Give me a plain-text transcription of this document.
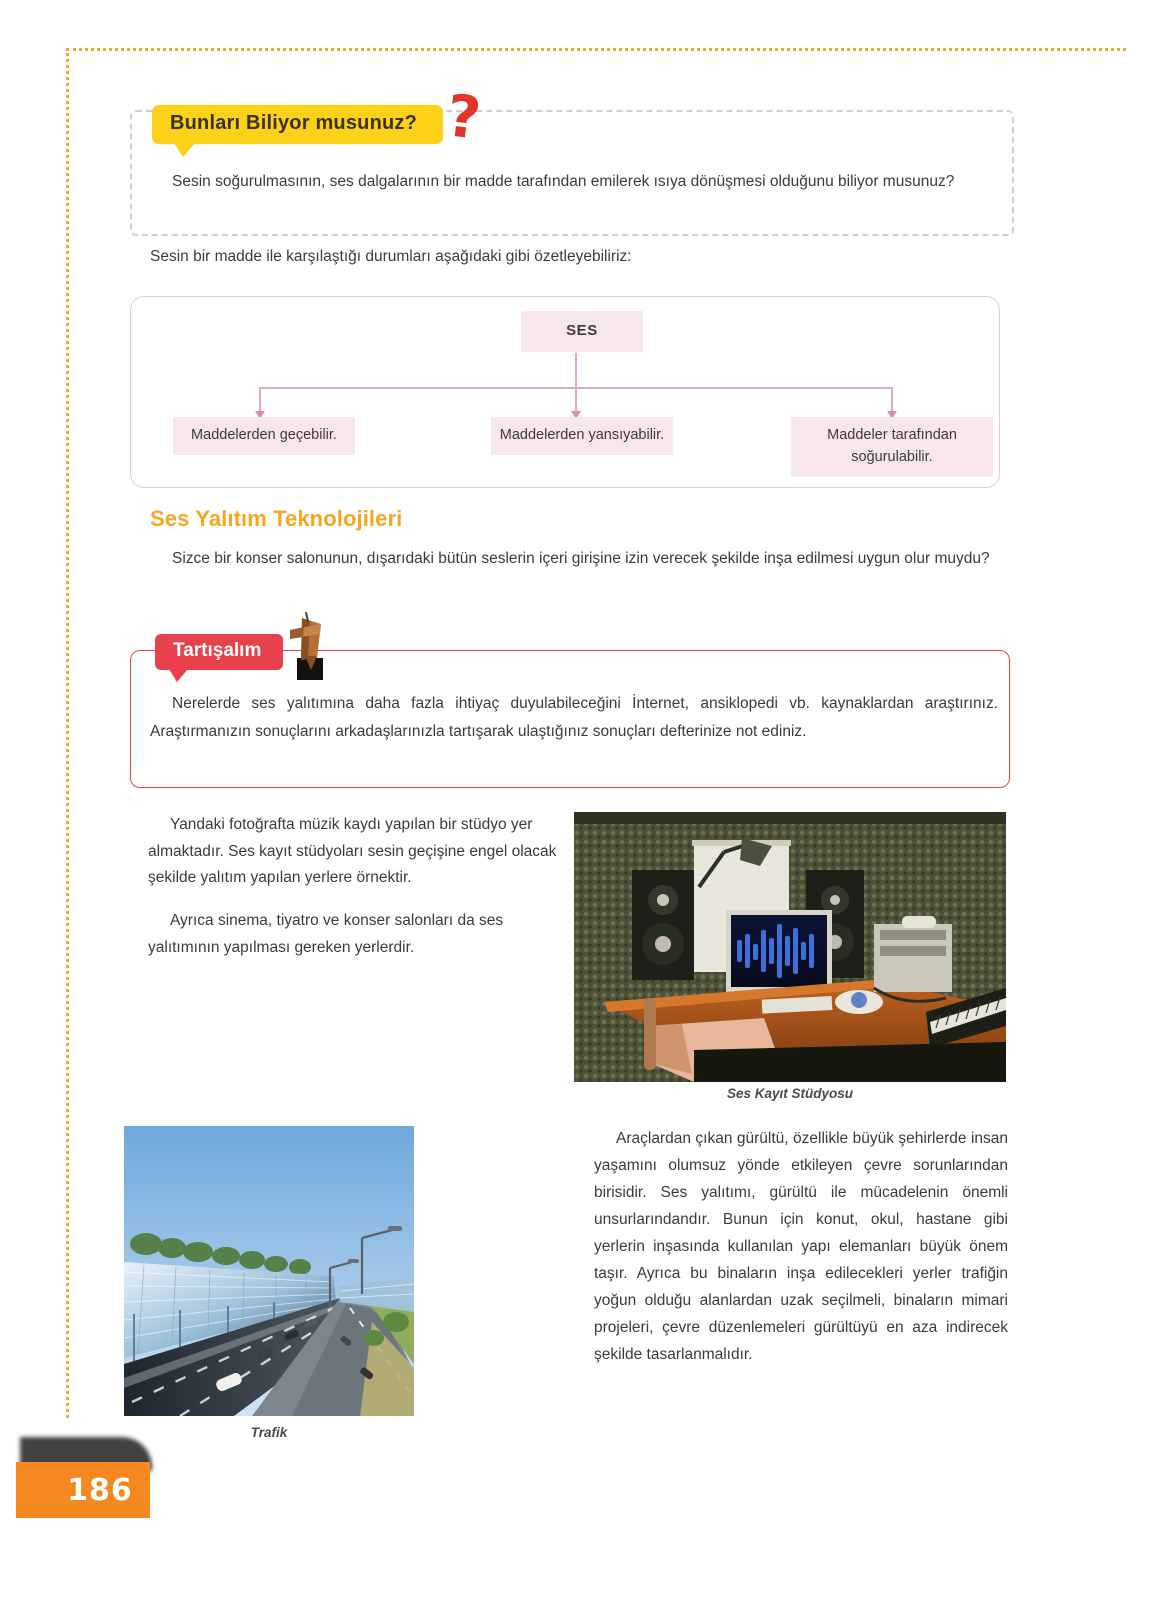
Bunları Biliyor musunuz? ?
Sesin soğurulmasının, ses dalgalarının bir madde tarafından emilerek ısıya dönüşmesi olduğunu biliyor musunuz?
Sesin bir madde ile karşılaştığı durumları aşağıdaki gibi özetleyebiliriz:
SES
Maddelerden geçebilir.	Maddelerden yansıyabilir.	Maddeler tarafından soğurulabilir.
Ses Yalıtım Teknolojileri
Sizce bir konser salonunun, dışarıdaki bütün seslerin içeri girişine izin verecek şekilde inşa edilmesi uygun olur muydu?
Tartışalım
Nerelerde ses yalıtımına daha fazla ihtiyaç duyulabileceğini İnternet, ansiklopedi vb. kaynaklardan araştırınız. Araştırmanızın sonuçlarını arkadaşlarınızla tartışarak ulaştığınız sonuçları defterinize not ediniz.

Yandaki fotoğrafta müzik kaydı yapılan bir stüdyo yer almaktadır. Ses kayıt stüdyoları sesin geçişine engel olacak şekilde yalıtım yapılan yerlere örnektir.

Ayrıca sinema, tiyatro ve konser salonları da ses yalıtımının yapılması gereken yerlerdir.

Ses Kayıt Stüdyosu
Trafik
Araçlardan çıkan gürültü, özellikle büyük şehirlerde insan yaşamını olumsuz yönde etkileyen çevre sorunlarından birisidir. Ses yalıtımı, gürültü ile mücadelenin önemli unsurlarındandır. Bunun için konut, okul, hastane gibi yerlerin inşasında kullanılan yapı elemanları büyük önem taşır. Ayrıca bu binaların inşa edilecekleri yerler trafiğin yoğun olduğu alanlardan uzak seçilmeli, binaların mimari projeleri, çevre düzenlemeleri gürültüyü en aza indirecek şekilde tasarlanmalıdır.
186
